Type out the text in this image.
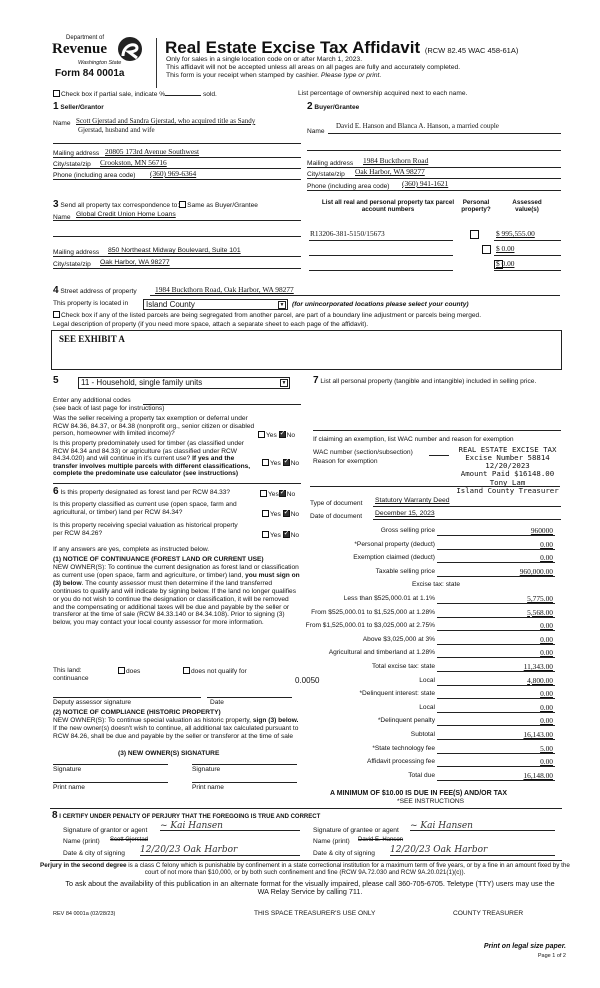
Department of
Revenue
Washington State
Form 84 0001a
Real Estate Excise Tax Affidavit (RCW 82.45 WAC 458-61A)
Only for sales in a single location code on or after March 1, 2023.
This affidavit will not be accepted unless all areas on all pages are fully and accurately completed.
This form is your receipt when stamped by cashier. Please type or print.
Check box if partial sale, indicate %	sold.	List percentage of ownership acquired next to each name.
1 Seller/Grantor
Name Scott Gjerstad and Sandra Gjerstad, who acquired title as Sandy
Gjerstad, husband and wife
Mailing address 20805 173rd Avenue Southwest
City/state/zip Crookston, MN 56716
Phone (including area code) (360) 969-6364
2 Buyer/Grantee
Name
David E. Hanson and Blanca A. Hanson, a married couple
Mailing address 1984 Buckthorn Road
City/state/zip Oak Harbor, WA 98277
Phone (including area code) (360) 941-1621
3 Send all property tax correspondence to: Same as Buyer/Grantee
Name Global Credit Union Home Loans
Mailing address 850 Northeast Midway Boulevard, Suite 101
City/state/zip Oak Harbor, WA 98277
List all real and personal property tax parcel account numbers
Personal property?
Assessed value(s)
R13206-381-5150/15673
	$ 995,555.00
$ 0.00
$ 0.00
4 Street address of property 1984 Buckthorn Road, Oak Harbor, WA 98277
This property is located in	Island County	▼ (for unincorporated locations please select your county)
Check box if any of the listed parcels are being segregated from another parcel, are part of a boundary line adjustment or parcels being merged.
Legal description of property (if you need more space, attach a separate sheet to each page of the affidavit).
SEE EXHIBIT A
5	11 - Household, single family units	▼
Enter any additional codes
(see back of last page for instructions)
Was the seller receiving a property tax exemption or deferral under RCW 84.36, 84.37, or 84.38 (nonprofit org., senior citizen or disabled person, homeowner with limited income)?	Yes ✓ No
Is this property predominately used for timber (as classified under RCW 84.34 and 84.33) or agriculture (as classified under RCW 84.34.020) and will continue in it's current use? If yes and the transfer involves multiple parcels with different classifications, complete the predominate use calculator (see instructions)
Yes ✓ No
6 Is this property designated as forest land per RCW 84.33?	Yes ✓ No
Is this property classified as current use (open space, farm and agricultural, or timber) land per RCW 84.34?	Yes ✓ No
Is this property receiving special valuation as historical property per RCW 84.26?	Yes ✓ No
If any answers are yes, complete as instructed below.
(1) NOTICE OF CONTINUANCE (FOREST LAND OR CURRENT USE)
NEW OWNER(S): To continue the current designation as forest land or classification as current use (open space, farm and agriculture, or timber) land, you must sign on (3) below. The county assessor must then determine if the land transferred continues to qualify and will indicate by signing below. If the land no longer qualifies or you do not wish to continue the designation or classification, it will be removed and the compensating or additional taxes will be due and payable by the seller or transferor at the time of sale (RCW 84.33.140 or 84.34.108). Prior to signing (3) below, you may contact your local county assessor for more information.
This land:
continuance
does	does not qualify for
Deputy assessor signature	Date
(2) NOTICE OF COMPLIANCE (HISTORIC PROPERTY)
NEW OWNER(S): To continue special valuation as historic property, sign (3) below. If the new owner(s) doesn't wish to continue, all additional tax calculated pursuant to RCW 84.26, shall be due and payable by the seller or transferor at the time of sale
(3) NEW OWNER(S) SIGNATURE
Signature	Signature
Print name	Print name
7 List all personal property (tangible and intangible) included in selling price.
If claiming an exemption, list WAC number and reason for exemption
WAC number (section/subsection)
Reason for exemption
REAL ESTATE EXCISE TAX
Excise Number 58814
12/20/2023
Amount Paid $16148.00
Tony Lam
Island County Treasurer
Type of document Statutory Warranty Deed
Date of document December 15, 2023
Gross selling price	960000
*Personal property (deduct)	0.00
Exemption claimed (deduct)	0.00
Taxable selling price	960,000.00
Excise tax: state
Less than $525,000.01 at 1.1%	5,775.00
From $525,000.01 to $1,525,000 at 1.28%	5,568.00
From $1,525,000.01 to $3,025,000 at 2.75%	0.00
Above $3,025,000 at 3%	0.00
Agricultural and timberland at 1.28%	0.00
Total excise tax: state	11,343.00
Local
0.0050	4,800.00
*Delinquent interest: state	0.00
Local	0.00
*Delinquent penalty	0.00
Subtotal	16,143.00
*State technology fee	5.00
Affidavit processing fee	0.00
Total due	16,148.00
A MINIMUM OF $10.00 IS DUE IN FEE(S) AND/OR TAX
*SEE INSTRUCTIONS
8 I CERTIFY UNDER PENALTY OF PERJURY THAT THE FOREGOING IS TRUE AND CORRECT
Signature of grantor or agent ~ Kai Hansen
Name (print) Scott Gjerstad
Date & city of signing 12/20/23 Oak Harbor
Signature of grantee or agent ~ Kai Hansen
Name (print) David E. Hanson
Date & city of signing 12/20/23 Oak Harbor
Perjury in the second degree is a class C felony which is punishable by confinement in a state correctional institution for a maximum term of five years, or by a fine in an amount fixed by the court of not more than $10,000, or by both such confinement and fine (RCW 9A.72.030 and RCW 9A.20.021(1)(c)).
To ask about the availability of this publication in an alternate format for the visually impaired, please call 360-705-6705. Teletype (TTY) users may use the WA Relay Service by calling 711.
REV 84 0001a (02/28/23)	THIS SPACE TREASURER'S USE ONLY	COUNTY TREASURER
Print on legal size paper.
Page 1 of 2
